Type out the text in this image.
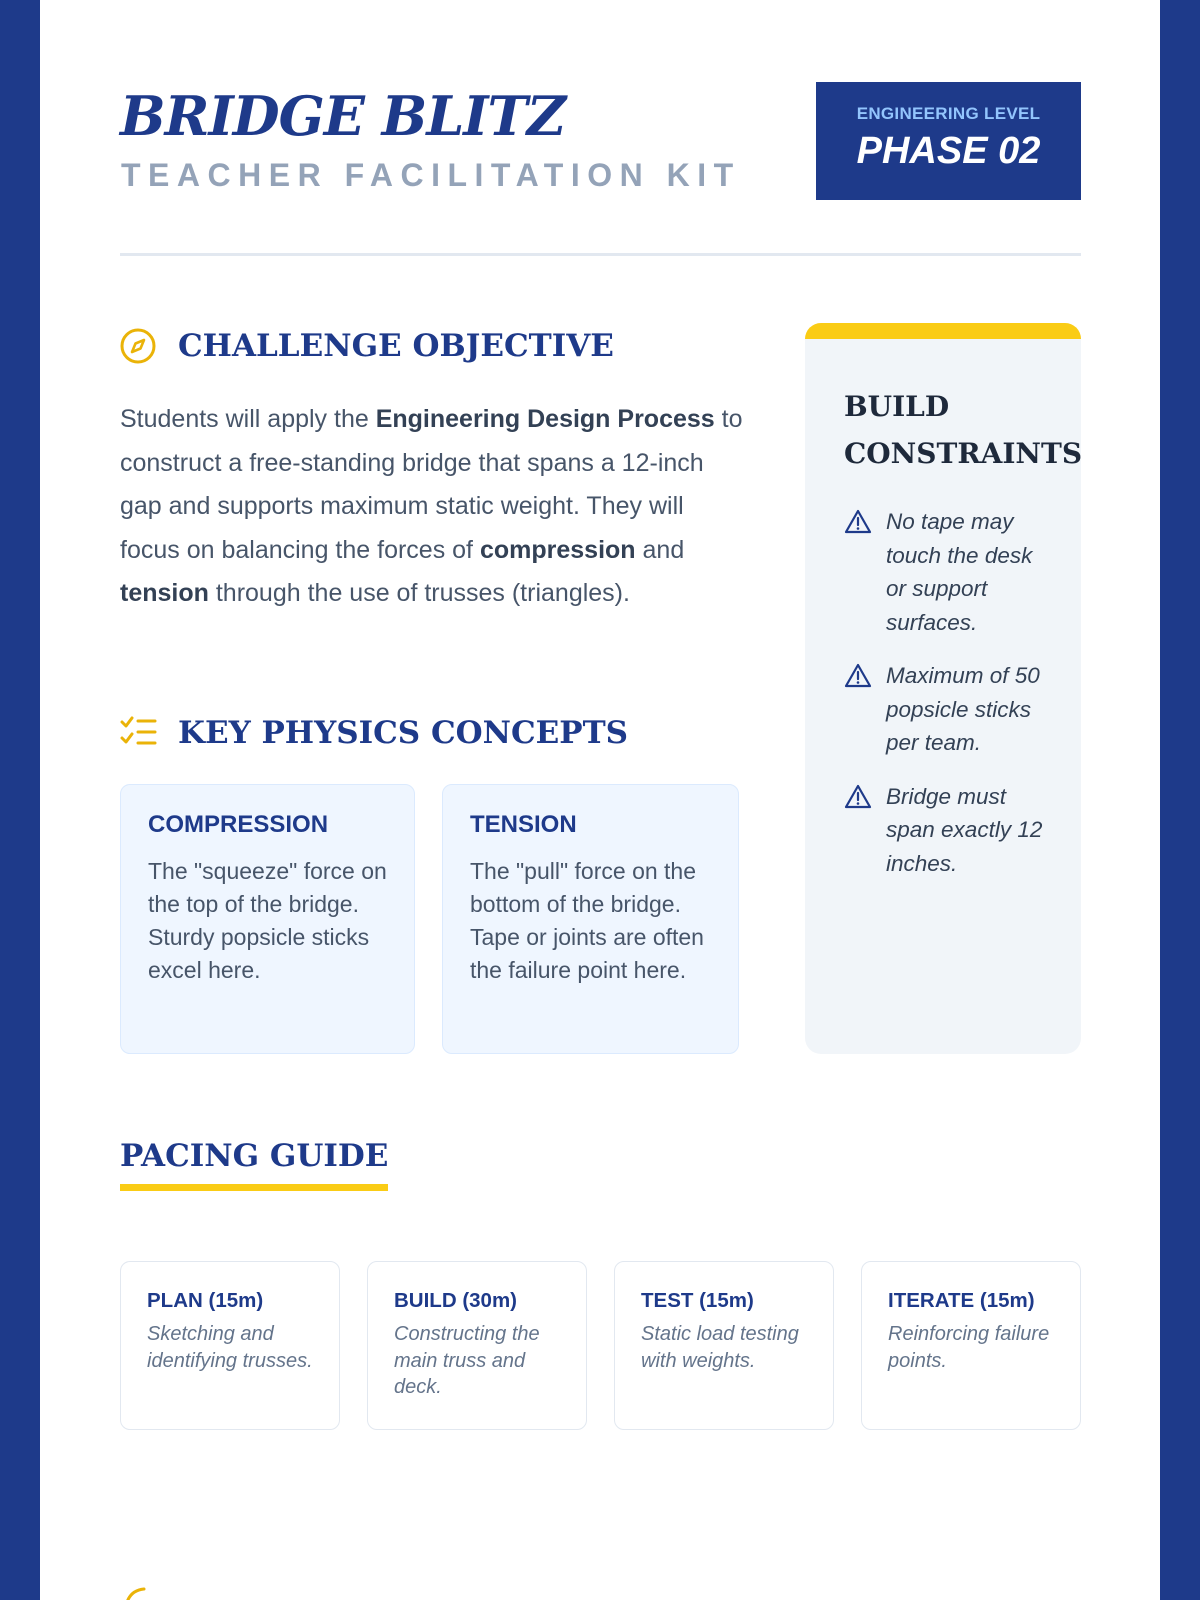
BRIDGE BLITZ
TEACHER FACILITATION KIT
ENGINEERING LEVEL
PHASE 02
CHALLENGE OBJECTIVE

Students will apply the Engineering Design Process to construct a free-standing bridge that spans a 12-inch gap and supports maximum static weight. They will focus on balancing the forces of compression and tension through the use of trusses (triangles).

KEY PHYSICS CONCEPTS
COMPRESSION

The "squeeze" force on the top of the bridge. Sturdy popsicle sticks excel here.

TENSION

The "pull" force on the bottom of the bridge. Tape or joints are often the failure point here.

BUILD CONSTRAINTS
No tape may touch the desk or support surfaces.
Maximum of 50 popsicle sticks per team.
Bridge must span exactly 12 inches.
PACING GUIDE
PLAN (15m)

Sketching and identifying trusses.

BUILD (30m)

Constructing the main truss and deck.

TEST (15m)

Static load testing with weights.

ITERATE (15m)

Reinforcing failure points.
